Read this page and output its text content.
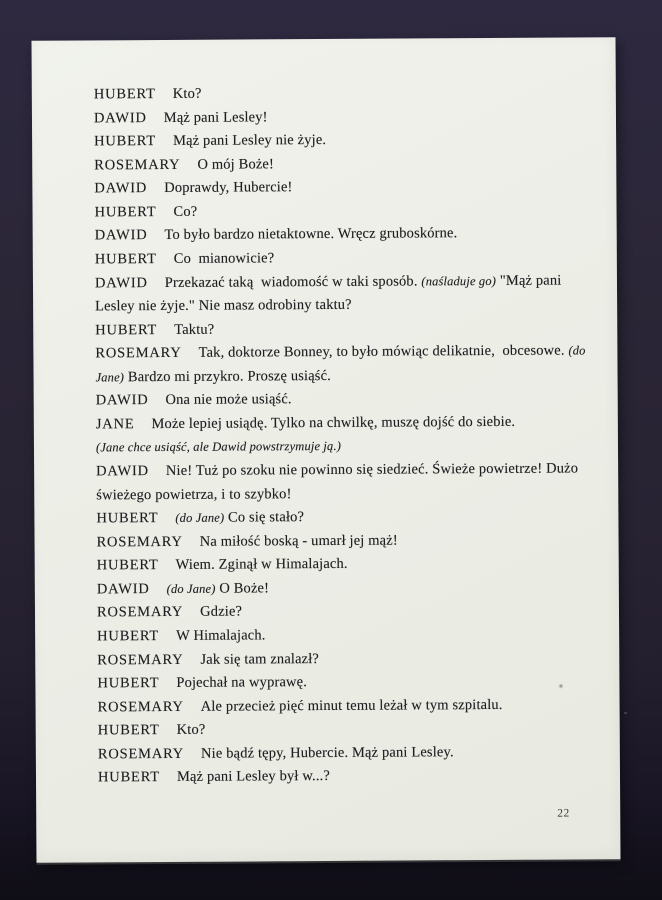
HUBERT Kto?
DAWID Mąż pani Lesley!
HUBERT Mąż pani Lesley nie żyje.
ROSEMARY O mój Boże!
DAWID Doprawdy, Hubercie!
HUBERT Co?
DAWID To było bardzo nietaktowne. Wręcz gruboskórne.
HUBERT Co  mianowicie?
DAWID Przekazać taką  wiadomość w taki sposób. (naśladuje go) "Mąż pani
Lesley nie żyje." Nie masz odrobiny taktu?
HUBERT Taktu?
ROSEMARY Tak, doktorze Bonney, to było mówiąc delikatnie,  obcesowe. (do
Jane) Bardzo mi przykro. Proszę usiąść.
DAWID Ona nie może usiąść.
JANE Może lepiej usiądę. Tylko na chwilkę, muszę dojść do siebie.
(Jane chce usiąść, ale Dawid powstrzymuje ją.)
DAWID Nie! Tuż po szoku nie powinno się siedzieć. Świeże powietrze! Dużo
świeżego powietrza, i to szybko!
HUBERT (do Jane) Co się stało?
ROSEMARY Na miłość boską - umarł jej mąż!
HUBERT Wiem. Zginął w Himalajach.
DAWID (do Jane) O Boże!
ROSEMARY Gdzie?
HUBERT W Himalajach.
ROSEMARY Jak się tam znalazł?
HUBERT Pojechał na wyprawę.
ROSEMARY Ale przecież pięć minut temu leżał w tym szpitalu.
HUBERT Kto?
ROSEMARY Nie bądź tępy, Hubercie. Mąż pani Lesley.
HUBERT Mąż pani Lesley był w...?
22
